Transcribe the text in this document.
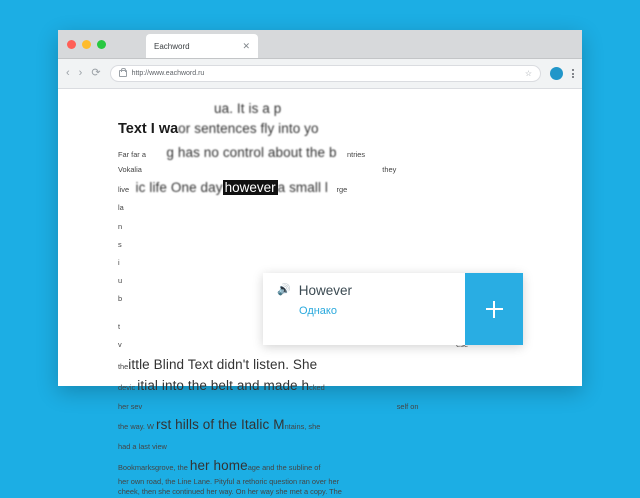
Eachword	✕
‹ › ⟳	http://www.eachword.ru	☆
ua. It is a p
Text I waor sentences fly into yo
Far far a g has no control about the b ntries
Vokalia	they
live ic life One day however a small l rge
la
n
s
i
u
b
t
v
theittle Blind Text didn't listen. She
devic itial into the belt and made hcked
her sev	self on
the way. W rst hills of the Italic Mntains, she
had a last view
Bookmarksgrove, the her homeage and the subline of
her own road, the Line Lane. Pityful a rethoric question ran over her
cheek, then she continued her way. On her way she met a copy. The
🔊 However
Однако
